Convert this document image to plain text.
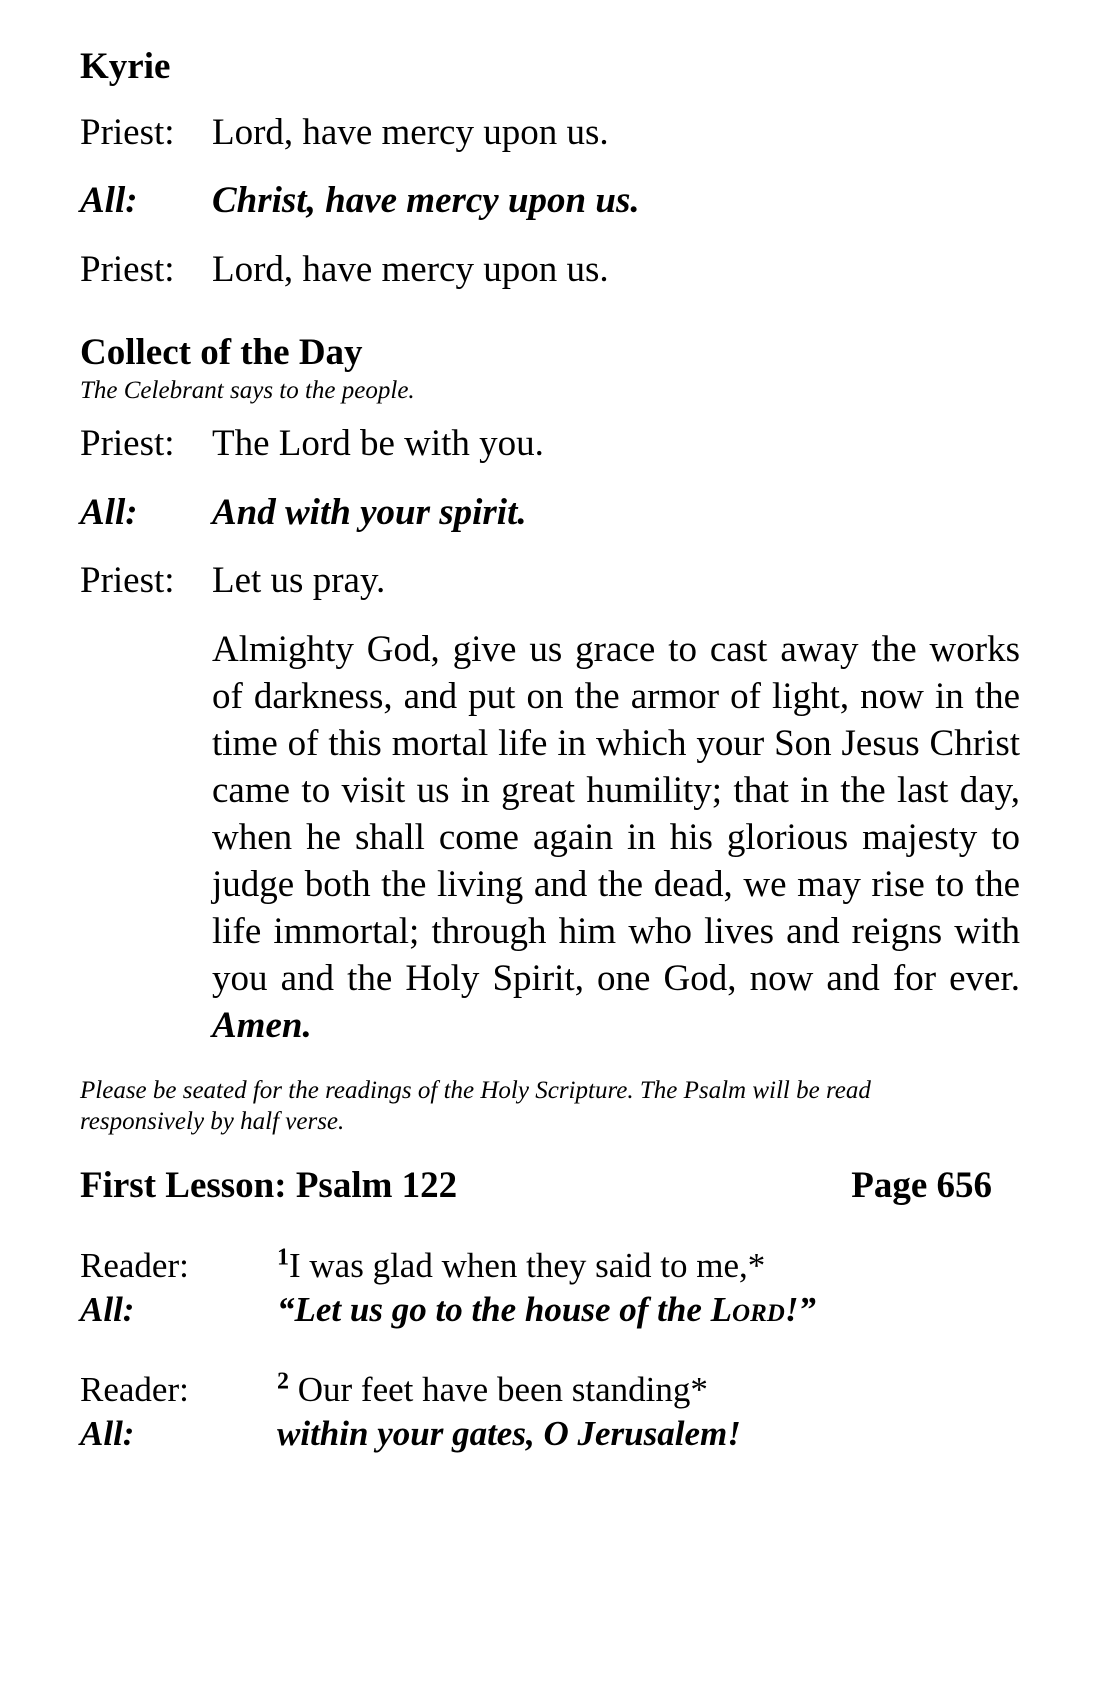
Kyrie
Priest:	Lord, have mercy upon us.
All:	Christ, have mercy upon us.
Priest:	Lord, have mercy upon us.
Collect of the Day

The Celebrant says to the people.

Priest:	The Lord be with you.
All:	And with your spirit.
Priest:	Let us pray.
Almighty God, give us grace to cast away the works of darkness, and put on the armor of light, now in the time of this mortal life in which your Son Jesus Christ came to visit us in great humility; that in the last day, when he shall come again in his glorious majesty to judge both the living and the dead, we may rise to the life immortal; through him who lives and reigns with you and the Holy Spirit, one God, now and for ever. Amen.

Please be seated for the readings of the Holy Scripture. The Psalm will be read responsively by half verse.

First Lesson: Psalm 122	Page 656
Reader:	$^1$I was glad when they said to me,*
All:	“Let us go to the house of the Lord!”
Reader:	$^2$ Our feet have been standing*
All:	within your gates, O Jerusalem!
